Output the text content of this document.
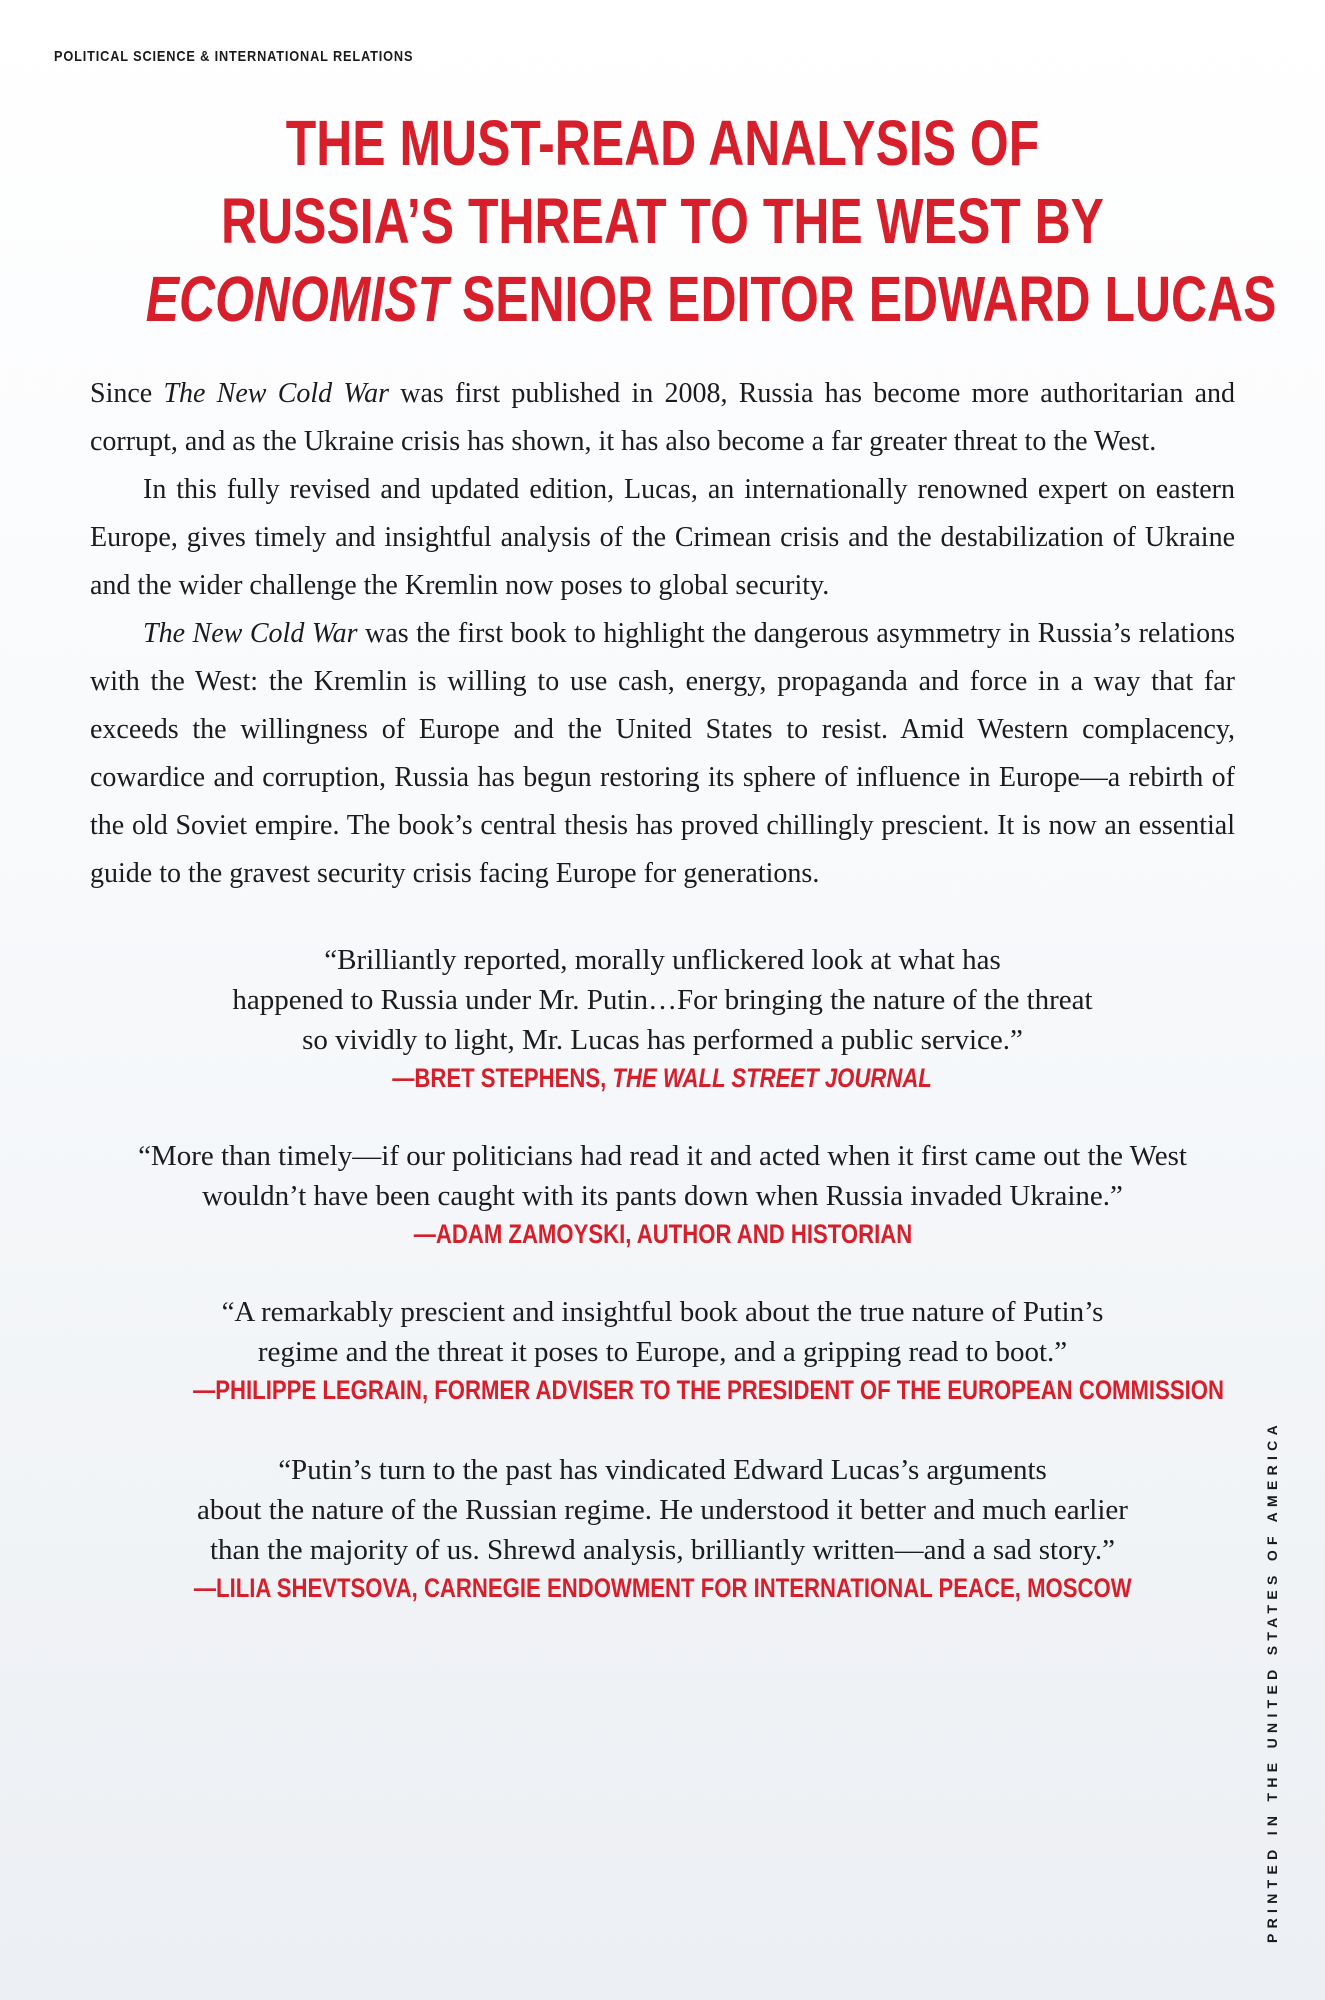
POLITICAL SCIENCE & INTERNATIONAL RELATIONS
THE MUST-READ ANALYSIS OF
RUSSIA’S THREAT TO THE WEST BY
ECONOMIST SENIOR EDITOR EDWARD LUCAS

Since The New Cold War was first published in 2008, Russia has become more authoritarian and corrupt, and as the Ukraine crisis has shown, it has also become a far greater threat to the West.

In this fully revised and updated edition, Lucas, an internationally renowned expert on eastern Europe, gives timely and insightful analysis of the Crimean crisis and the destabilization of Ukraine and the wider challenge the Kremlin now poses to global security.

The New Cold War was the first book to highlight the dangerous asymmetry in Russia’s relations with the West: the Kremlin is willing to use cash, energy, propaganda and force in a way that far exceeds the willingness of Europe and the United States to resist. Amid Western complacency, cowardice and corruption, Russia has begun restoring its sphere of influence in Europe—a rebirth of the old Soviet empire. The book’s central thesis has proved chillingly prescient. It is now an essential guide to the gravest security crisis facing Europe for generations.

“Brilliantly reported, morally unflickered look at what has
happened to Russia under Mr. Putin…For bringing the nature of the threat
so vividly to light, Mr. Lucas has performed a public service.”

—BRET STEPHENS, THE WALL STREET JOURNAL

“More than timely—if our politicians had read it and acted when it first came out the West
wouldn’t have been caught with its pants down when Russia invaded Ukraine.”

—ADAM ZAMOYSKI, AUTHOR AND HISTORIAN

“A remarkably prescient and insightful book about the true nature of Putin’s
regime and the threat it poses to Europe, and a gripping read to boot.”

—PHILIPPE LEGRAIN, FORMER ADVISER TO THE PRESIDENT OF THE EUROPEAN COMMISSION

“Putin’s turn to the past has vindicated Edward Lucas’s arguments
about the nature of the Russian regime. He understood it better and much earlier
than the majority of us. Shrewd analysis, brilliantly written—and a sad story.”

—LILIA SHEVTSOVA, CARNEGIE ENDOWMENT FOR INTERNATIONAL PEACE, MOSCOW	PRINTED IN THE UNITED STATES OF AMERICA
